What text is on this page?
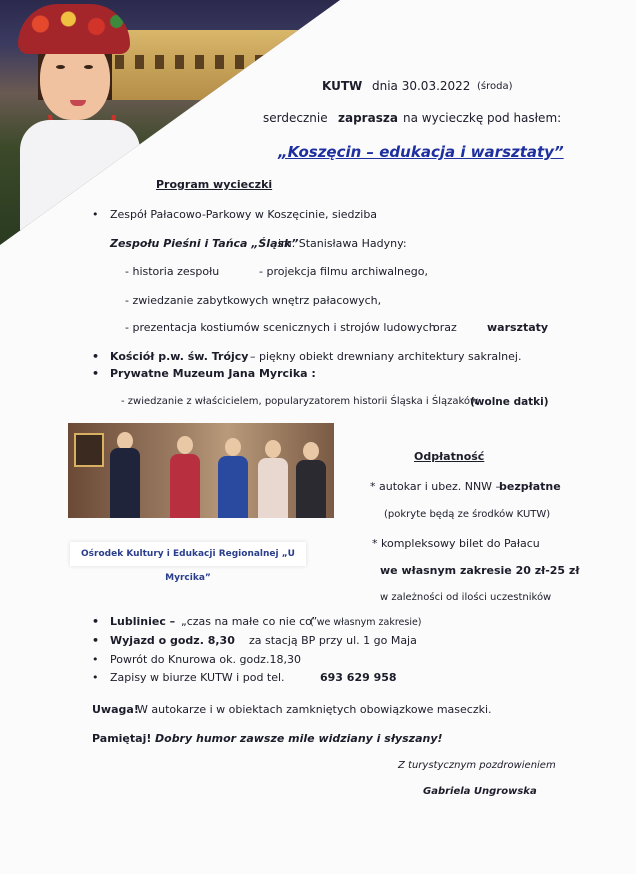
KUTW dnia 30.03.2022 (środa)
serdecznie zaprasza na wycieczkę pod hasłem:
„Koszęcin – edukacja i warsztaty”
Program wycieczki
• Zespół Pałacowo-Parkowy w Koszęcinie, siedziba
Zespołu Pieśni i Tańca „Śląsk”
im. Stanisława Hadyny:
- historia zespołu	- projekcja filmu archiwalnego,
- zwiedzanie zabytkowych wnętrz pałacowych,
- prezentacja kostiumów scenicznych i strojów ludowych
oraz	warsztaty
• Kościół p.w. św. Trójcy – piękny obiekt drewniany architektury sakralnej.
• Prywatne Muzeum Jana Myrcika :
- zwiedzanie z właścicielem, popularyzatorem historii Śląska i Ślązaków
(wolne datki)
Ośrodek Kultury i Edukacji Regionalnej „U Myrcika”
Odpłatność
* autokar i ubez. NNW –
bezpłatne
(pokryte będą ze środków KUTW)
* kompleksowy bilet do Pałacu
we własnym zakresie 20 zł-25 zł
w zależności od ilości uczestników
• Lubliniec – „czas na małe co nie co”
( we własnym zakresie)
• Wyjazd o godz. 8,30 za stacją BP przy ul. 1 go Maja
• Powrót do Knurowa ok. godz.18,30
• Zapisy w biurze KUTW i pod tel.	693 629 958
Uwaga!
W autokarze i w obiektach zamkniętych obowiązkowe maseczki.
Pamiętaj! Dobry humor zawsze mile widziany i słyszany!
Z turystycznym pozdrowieniem
Gabriela Ungrowska
